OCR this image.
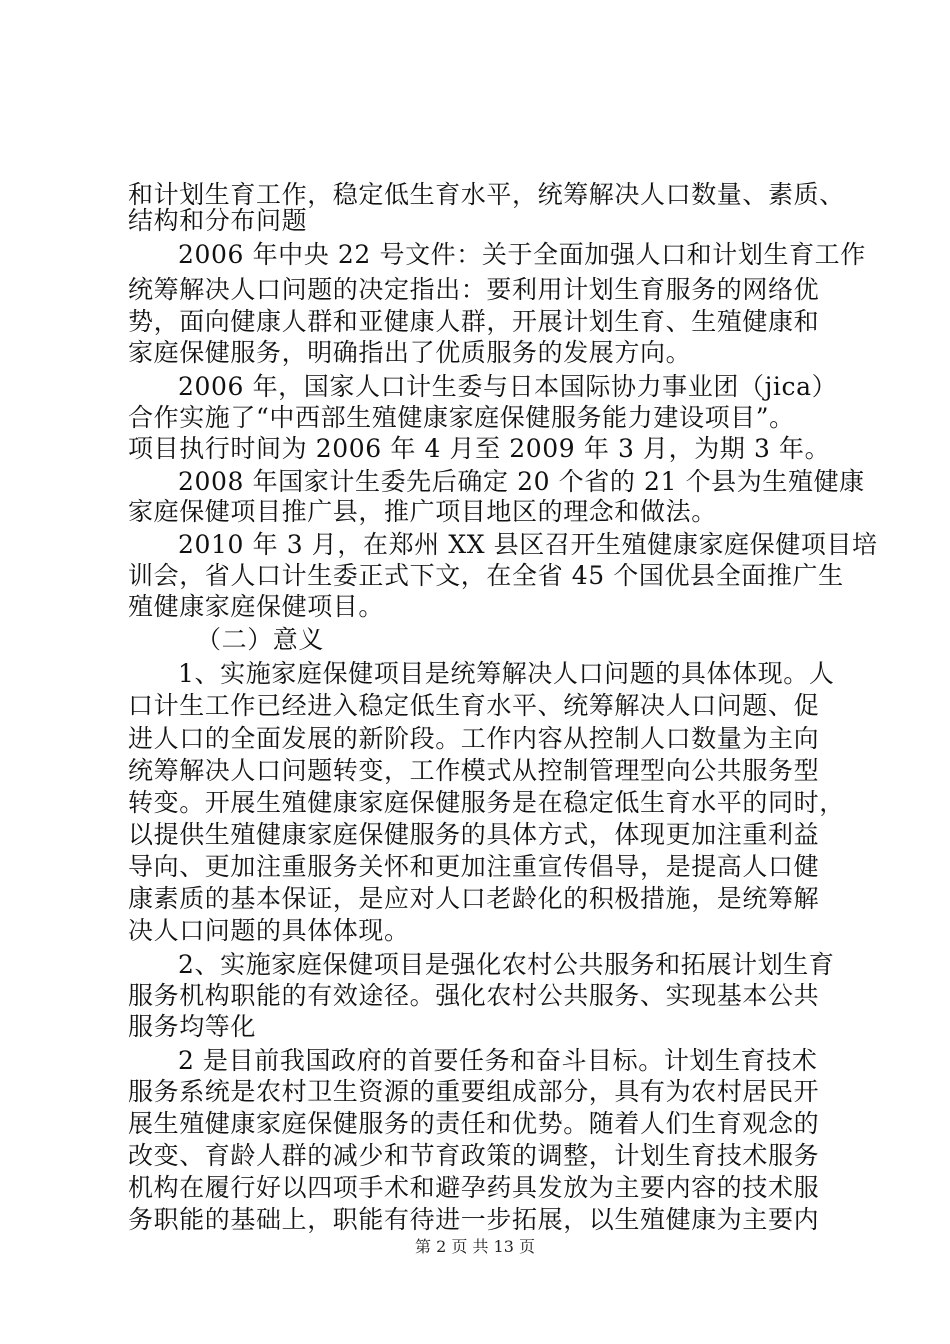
和计划生育工作，稳定低生育水平，统筹解决人口数量、素质、
结构和分布问题
2006 年中央 22 号文件：关于全面加强人口和计划生育工作
统筹解决人口问题的决定指出：要利用计划生育服务的网络优
势，面向健康人群和亚健康人群，开展计划生育、生殖健康和
家庭保健服务，明确指出了优质服务的发展方向。
2006 年，国家人口计生委与日本国际协力事业团（jica）
合作实施了“中西部生殖健康家庭保健服务能力建设项目”。
项目执行时间为 2006 年 4 月至 2009 年 3 月，为期 3 年。
2008 年国家计生委先后确定 20 个省的 21 个县为生殖健康
家庭保健项目推广县，推广项目地区的理念和做法。
2010 年 3 月，在郑州 XX 县区召开生殖健康家庭保健项目培
训会，省人口计生委正式下文，在全省 45 个国优县全面推广生
殖健康家庭保健项目。
（二）意义
1、实施家庭保健项目是统筹解决人口问题的具体体现。人
口计生工作已经进入稳定低生育水平、统筹解决人口问题、促
进人口的全面发展的新阶段。工作内容从控制人口数量为主向
统筹解决人口问题转变，工作模式从控制管理型向公共服务型
转变。开展生殖健康家庭保健服务是在稳定低生育水平的同时，
以提供生殖健康家庭保健服务的具体方式，体现更加注重利益
导向、更加注重服务关怀和更加注重宣传倡导，是提高人口健
康素质的基本保证，是应对人口老龄化的积极措施，是统筹解
决人口问题的具体体现。
2、实施家庭保健项目是强化农村公共服务和拓展计划生育
服务机构职能的有效途径。强化农村公共服务、实现基本公共
服务均等化
2 是目前我国政府的首要任务和奋斗目标。计划生育技术
服务系统是农村卫生资源的重要组成部分，具有为农村居民开
展生殖健康家庭保健服务的责任和优势。随着人们生育观念的
改变、育龄人群的减少和节育政策的调整，计划生育技术服务
机构在履行好以四项手术和避孕药具发放为主要内容的技术服
务职能的基础上，职能有待进一步拓展，以生殖健康为主要内
第 2 页 共 13 页
